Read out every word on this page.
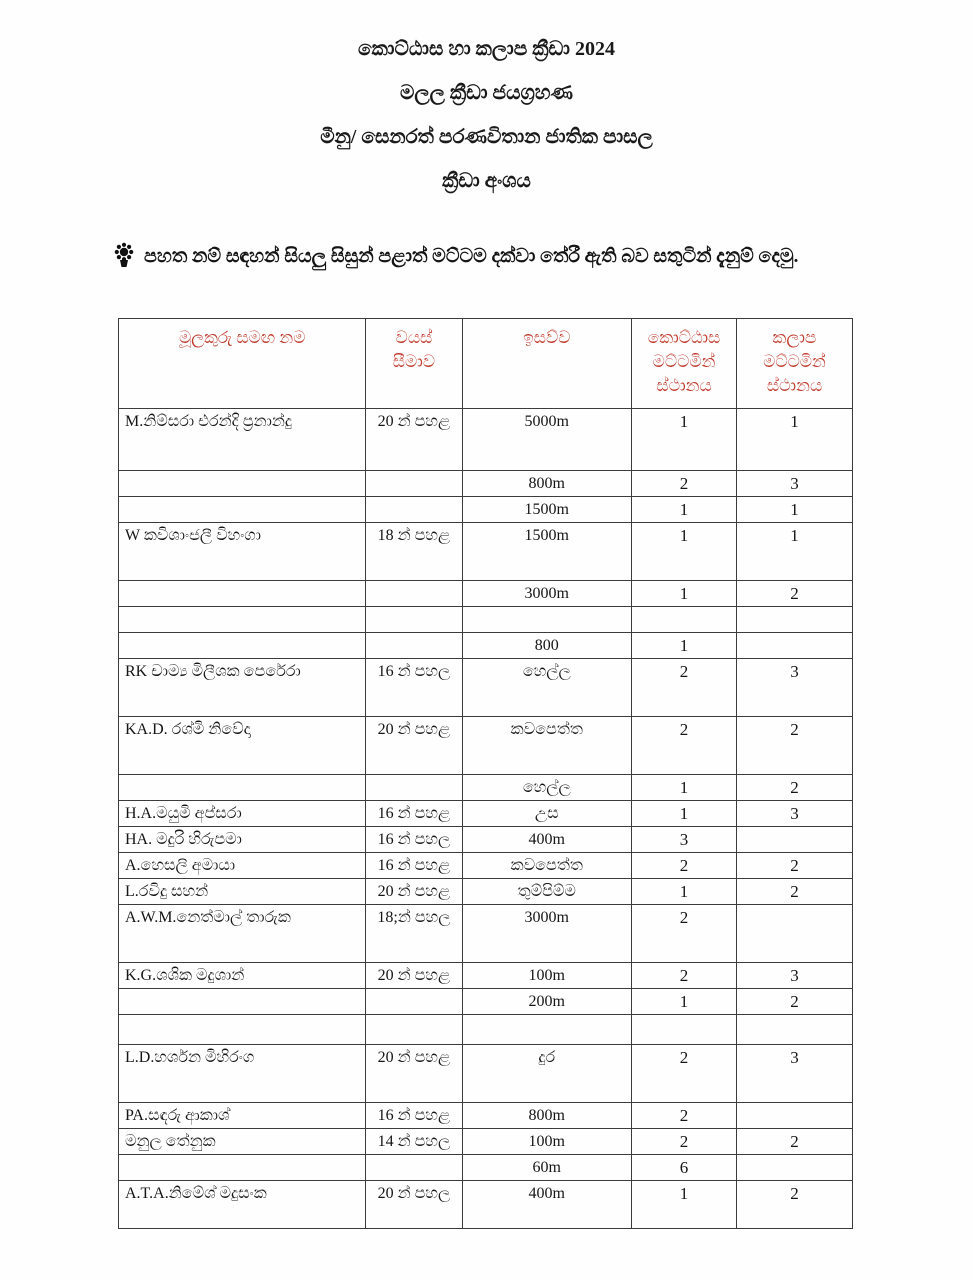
කොට්ඨාස හා කලාප ක්‍රීඩා 2024

මලල ක්‍රීඩා ජයග්‍රහණ

මීනු/ සෙනරත් පරණවිතාන ජාතික පාසල

ක්‍රීඩා අංශය

පහත නම් සඳහන් සියලු සිසුන් පළාත් මට්ටම දක්වා තේරී ඇති බව සතුටින් දැනුම් දෙමු.

මූලකුරු සමඟ නම	වයස් සීමාව	ඉසව්ව	කොට්ඨාස මට්ටමින් ස්ථානය	කලාප මට්ටමින් ස්ථානය
M.නිම්සරා එරන්දි ප්‍රනාන්දු	20 න් පහළ	5000m	1	1
		800m	2	3
		1500m	1	1
W කවිශාංජලී විහංගා	18 න් පහළ	1500m	1	1
		3000m	1	2

		800	1	
RK චාම්‍ය මිලීශක පෙරේරා	16 න් පහල	හෙල්ල	2	3
KA.D. රශ්මි නිවේදා	20 න් පහළ	කවපෙත්ත	2	2
		හෙල්ල	1	2
H.A.මයුමි අප්සරා	16 න් පහළ	උස	1	3
HA. මදුරි හිරුපමා	16 න් පහල	400m	3	
A.හෙසලි අමායා	16 න් පහළ	කවපෙත්ත	2	2
L.රවිදු සහන්	20 න් පහළ	තුම්පිම්ම	1	2
A.W.M.නෙත්මාල් තාරුක	18;න් පහල	3000m	2	
K.G.ශශික මදුශාන්	20 න් පහළ	100m	2	3
		200m	1	2

L.D.හර්ශන මිහිරංග	20 න් පහළ	දුර	2	3
PA.සඳරු ආකාශ්	16 න් පහළ	800m	2	
මනුල තේනුක	14 න් පහල	100m	2	2
		60m	6	
A.T.A.නිමේශ් මදුසංක	20 න් පහල	400m	1	2
